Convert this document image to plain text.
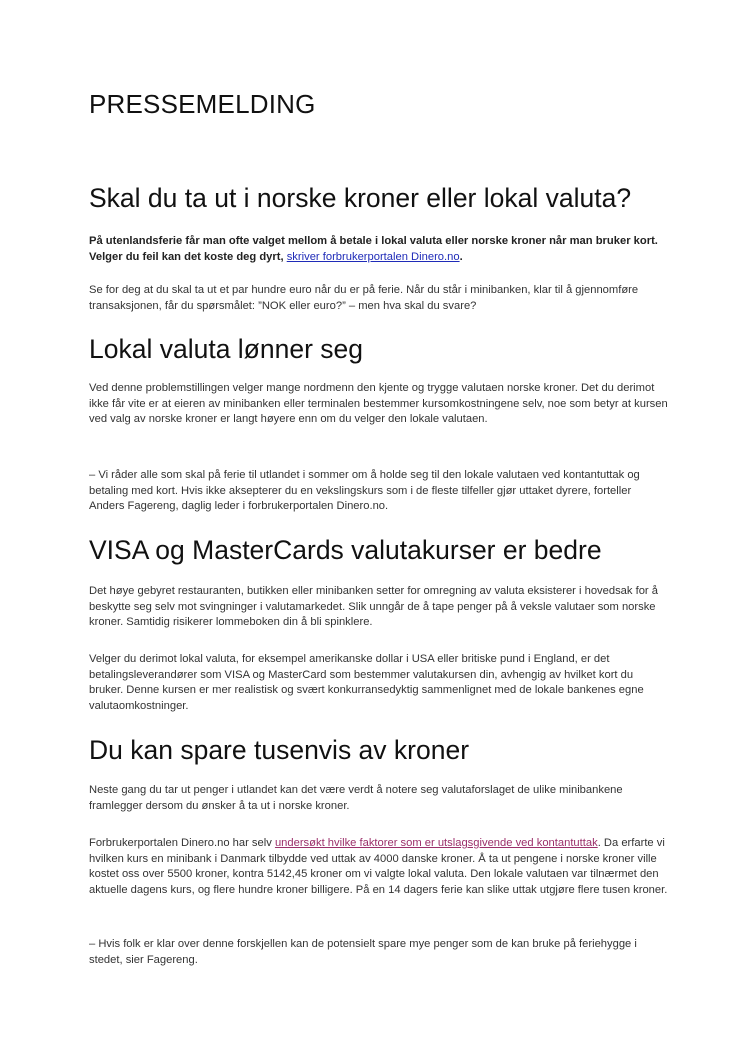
PRESSEMELDING
Skal du ta ut i norske kroner eller lokal valuta?

På utenlandsferie får man ofte valget mellom å betale i lokal valuta eller norske kroner når man bruker kort. Velger du feil kan det koste deg dyrt, skriver forbrukerportalen Dinero.no.

Se for deg at du skal ta ut et par hundre euro når du er på ferie. Når du står i minibanken, klar til å gjennomføre transaksjonen, får du spørsmålet: ”NOK eller euro?” – men hva skal du svare?

Lokal valuta lønner seg

Ved denne problemstillingen velger mange nordmenn den kjente og trygge valutaen norske kroner. Det du derimot ikke får vite er at eieren av minibanken eller terminalen bestemmer kursomkostningene selv, noe som betyr at kursen ved valg av norske kroner er langt høyere enn om du velger den lokale valutaen.

– Vi råder alle som skal på ferie til utlandet i sommer om å holde seg til den lokale valutaen ved kontantuttak og betaling med kort. Hvis ikke aksepterer du en vekslingskurs som i de fleste tilfeller gjør uttaket dyrere, forteller Anders Fagereng, daglig leder i forbrukerportalen Dinero.no.

VISA og MasterCards valutakurser er bedre

Det høye gebyret restauranten, butikken eller minibanken setter for omregning av valuta eksisterer i hovedsak for å beskytte seg selv mot svingninger i valutamarkedet. Slik unngår de å tape penger på å veksle valutaer som norske kroner. Samtidig risikerer lommeboken din å bli spinklere.

Velger du derimot lokal valuta, for eksempel amerikanske dollar i USA eller britiske pund i England, er det betalingsleverandører som VISA og MasterCard som bestemmer valutakursen din, avhengig av hvilket kort du bruker. Denne kursen er mer realistisk og svært konkurransedyktig sammenlignet med de lokale bankenes egne valutaomkostninger.

Du kan spare tusenvis av kroner

Neste gang du tar ut penger i utlandet kan det være verdt å notere seg valutaforslaget de ulike minibankene framlegger dersom du ønsker å ta ut i norske kroner.

Forbrukerportalen Dinero.no har selv undersøkt hvilke faktorer som er utslagsgivende ved kontantuttak. Da erfarte vi hvilken kurs en minibank i Danmark tilbydde ved uttak av 4000 danske kroner. Å ta ut pengene i norske kroner ville kostet oss over 5500 kroner, kontra 5142,45 kroner om vi valgte lokal valuta. Den lokale valutaen var tilnærmet den aktuelle dagens kurs, og flere hundre kroner billigere. På en 14 dagers ferie kan slike uttak utgjøre flere tusen kroner.

– Hvis folk er klar over denne forskjellen kan de potensielt spare mye penger som de kan bruke på feriehygge i stedet, sier Fagereng.
